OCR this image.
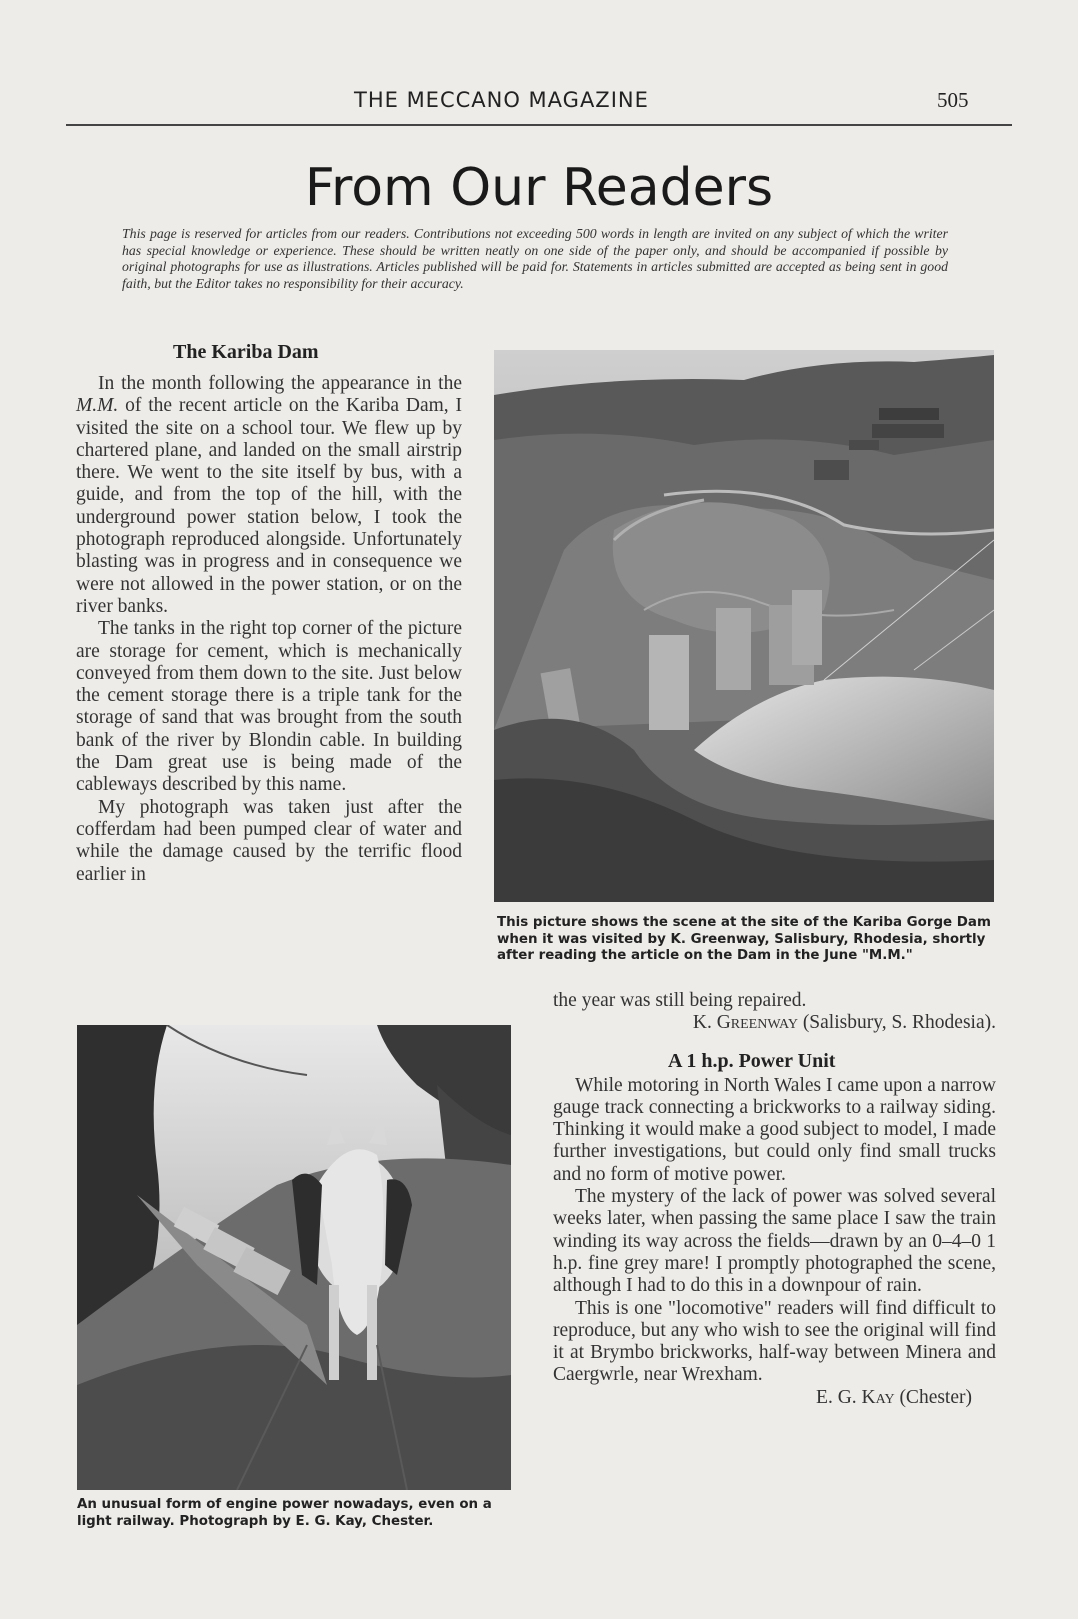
THE MECCANO MAGAZINE	505
From Our Readers
This page is reserved for articles from our readers. Contributions not exceeding 500 words in length are invited on any subject of which the writer has special knowledge or experience. These should be written neatly on one side of the paper only, and should be accompanied if possible by original photographs for use as illustrations. Articles published will be paid for. Statements in articles submitted are accepted as being sent in good faith, but the Editor takes no responsibility for their accuracy.
The Kariba Dam

In the month following the appearance in the M.M. of the recent article on the Kariba Dam, I visited the site on a school tour. We flew up by chartered plane, and landed on the small airstrip there. We went to the site itself by bus, with a guide, and from the top of the hill, with the underground power station below, I took the photograph reproduced alongside. Unfortunately blasting was in progress and in consequence we were not allowed in the power station, or on the river banks.

The tanks in the right top corner of the picture are storage for cement, which is mechanically conveyed from them down to the site. Just below the cement storage there is a triple tank for the storage of sand that was brought from the south bank of the river by Blondin cable. In building the Dam great use is being made of the cableways described by this name.

My photograph was taken just after the cofferdam had been pumped clear of water and while the damage caused by the terrific flood earlier in

This picture shows the scene at the site of the Kariba Gorge Dam when it was visited by K. Greenway, Salisbury, Rhodesia, shortly after reading the article on the Dam in the June "M.M."

the year was still being repaired.

K. Greenway (Salisbury, S. Rhodesia).

While motoring in North Wales I came upon a narrow gauge track connecting a brickworks to a railway siding. Thinking it would make a good subject to model, I made further investigations, but could only find small trucks and no form of motive power.

The mystery of the lack of power was solved several weeks later, when passing the same place I saw the train winding its way across the fields—drawn by an 0–4–0 1 h.p. fine grey mare! I promptly photographed the scene, although I had to do this in a downpour of rain.

This is one "locomotive" readers will find difficult to reproduce, but any who wish to see the original will find it at Brymbo brickworks, half-way between Minera and Caergwrle, near Wrexham.

E. G. Kay (Chester)

A 1 h.p. Power Unit
An unusual form of engine power nowadays, even on a light railway. Photograph by E. G. Kay, Chester.
